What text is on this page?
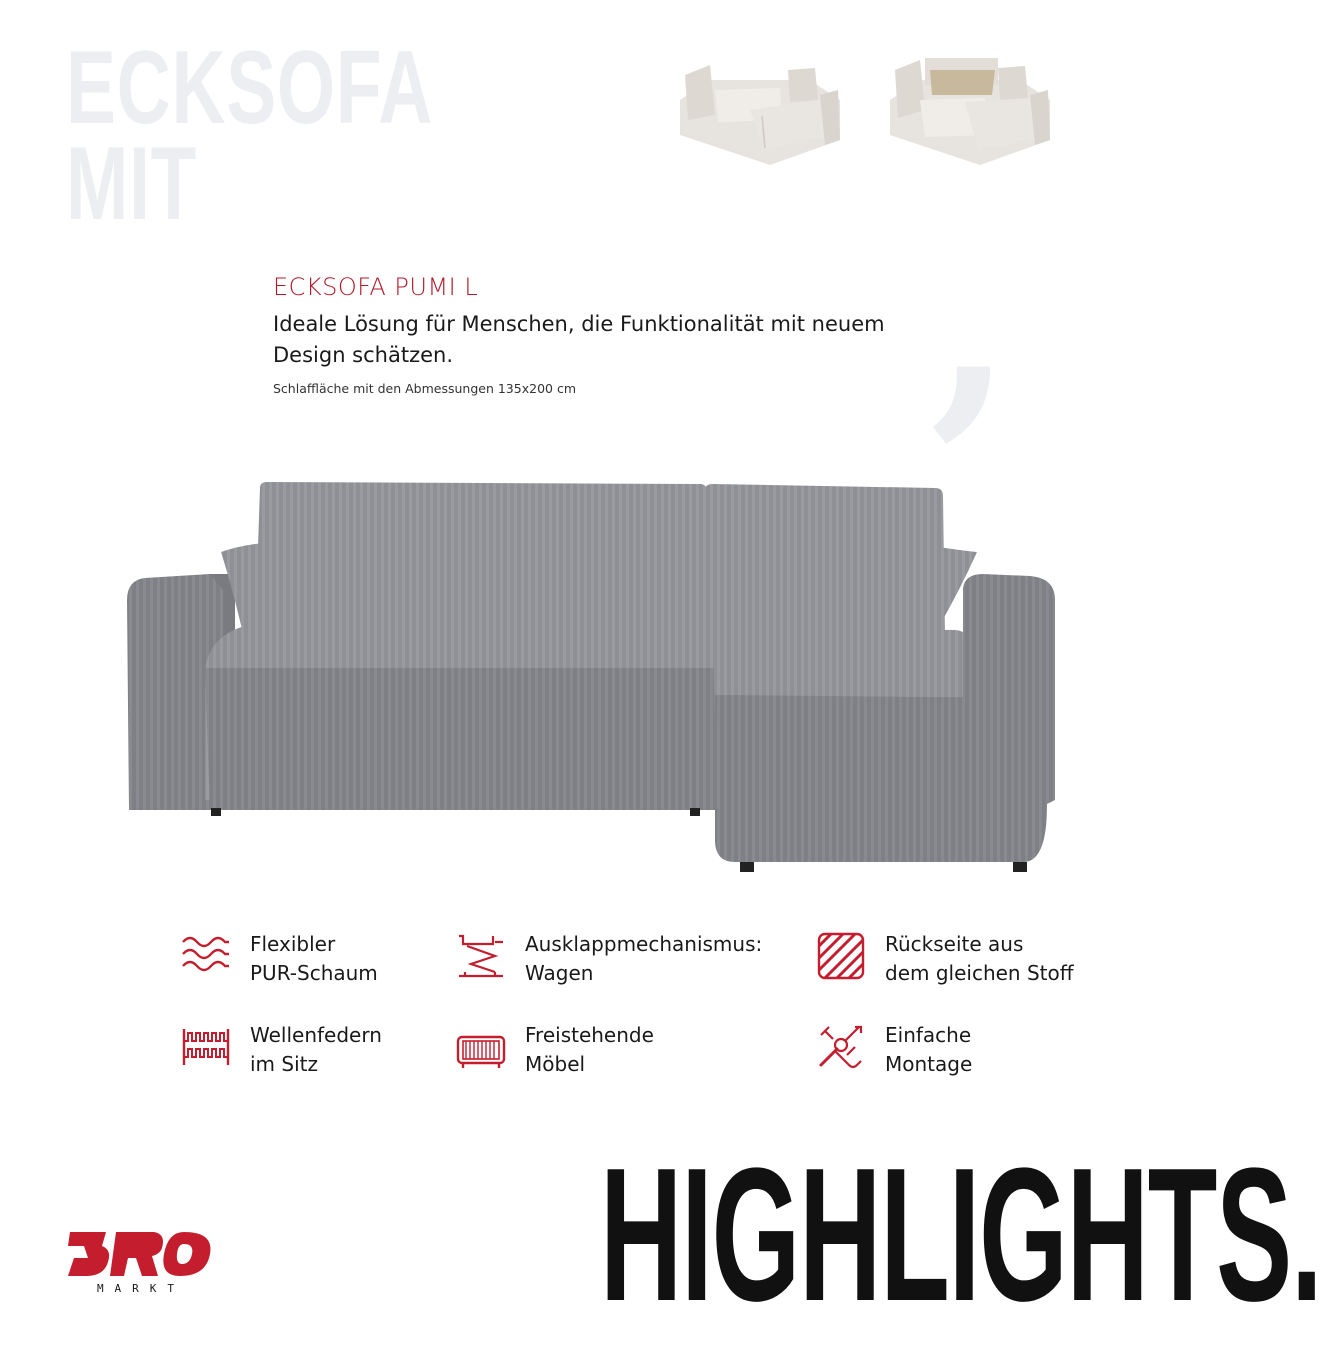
ECKSOFA
MIT	,
ECKSOFA PUMI L
Ideale Lösung für Menschen, die Funktionalität mit neuem Design schätzen.
Schlaffläche mit den Abmessungen 135x200 cm
Flexibler
PUR-Schaum
Ausklappmechanismus:
Wagen
Rückseite aus
dem gleichen Stoff
Wellenfedern
im Sitz
Freistehende
Möbel
Einfache
Montage
MARKT HIGHLIGHTS.
